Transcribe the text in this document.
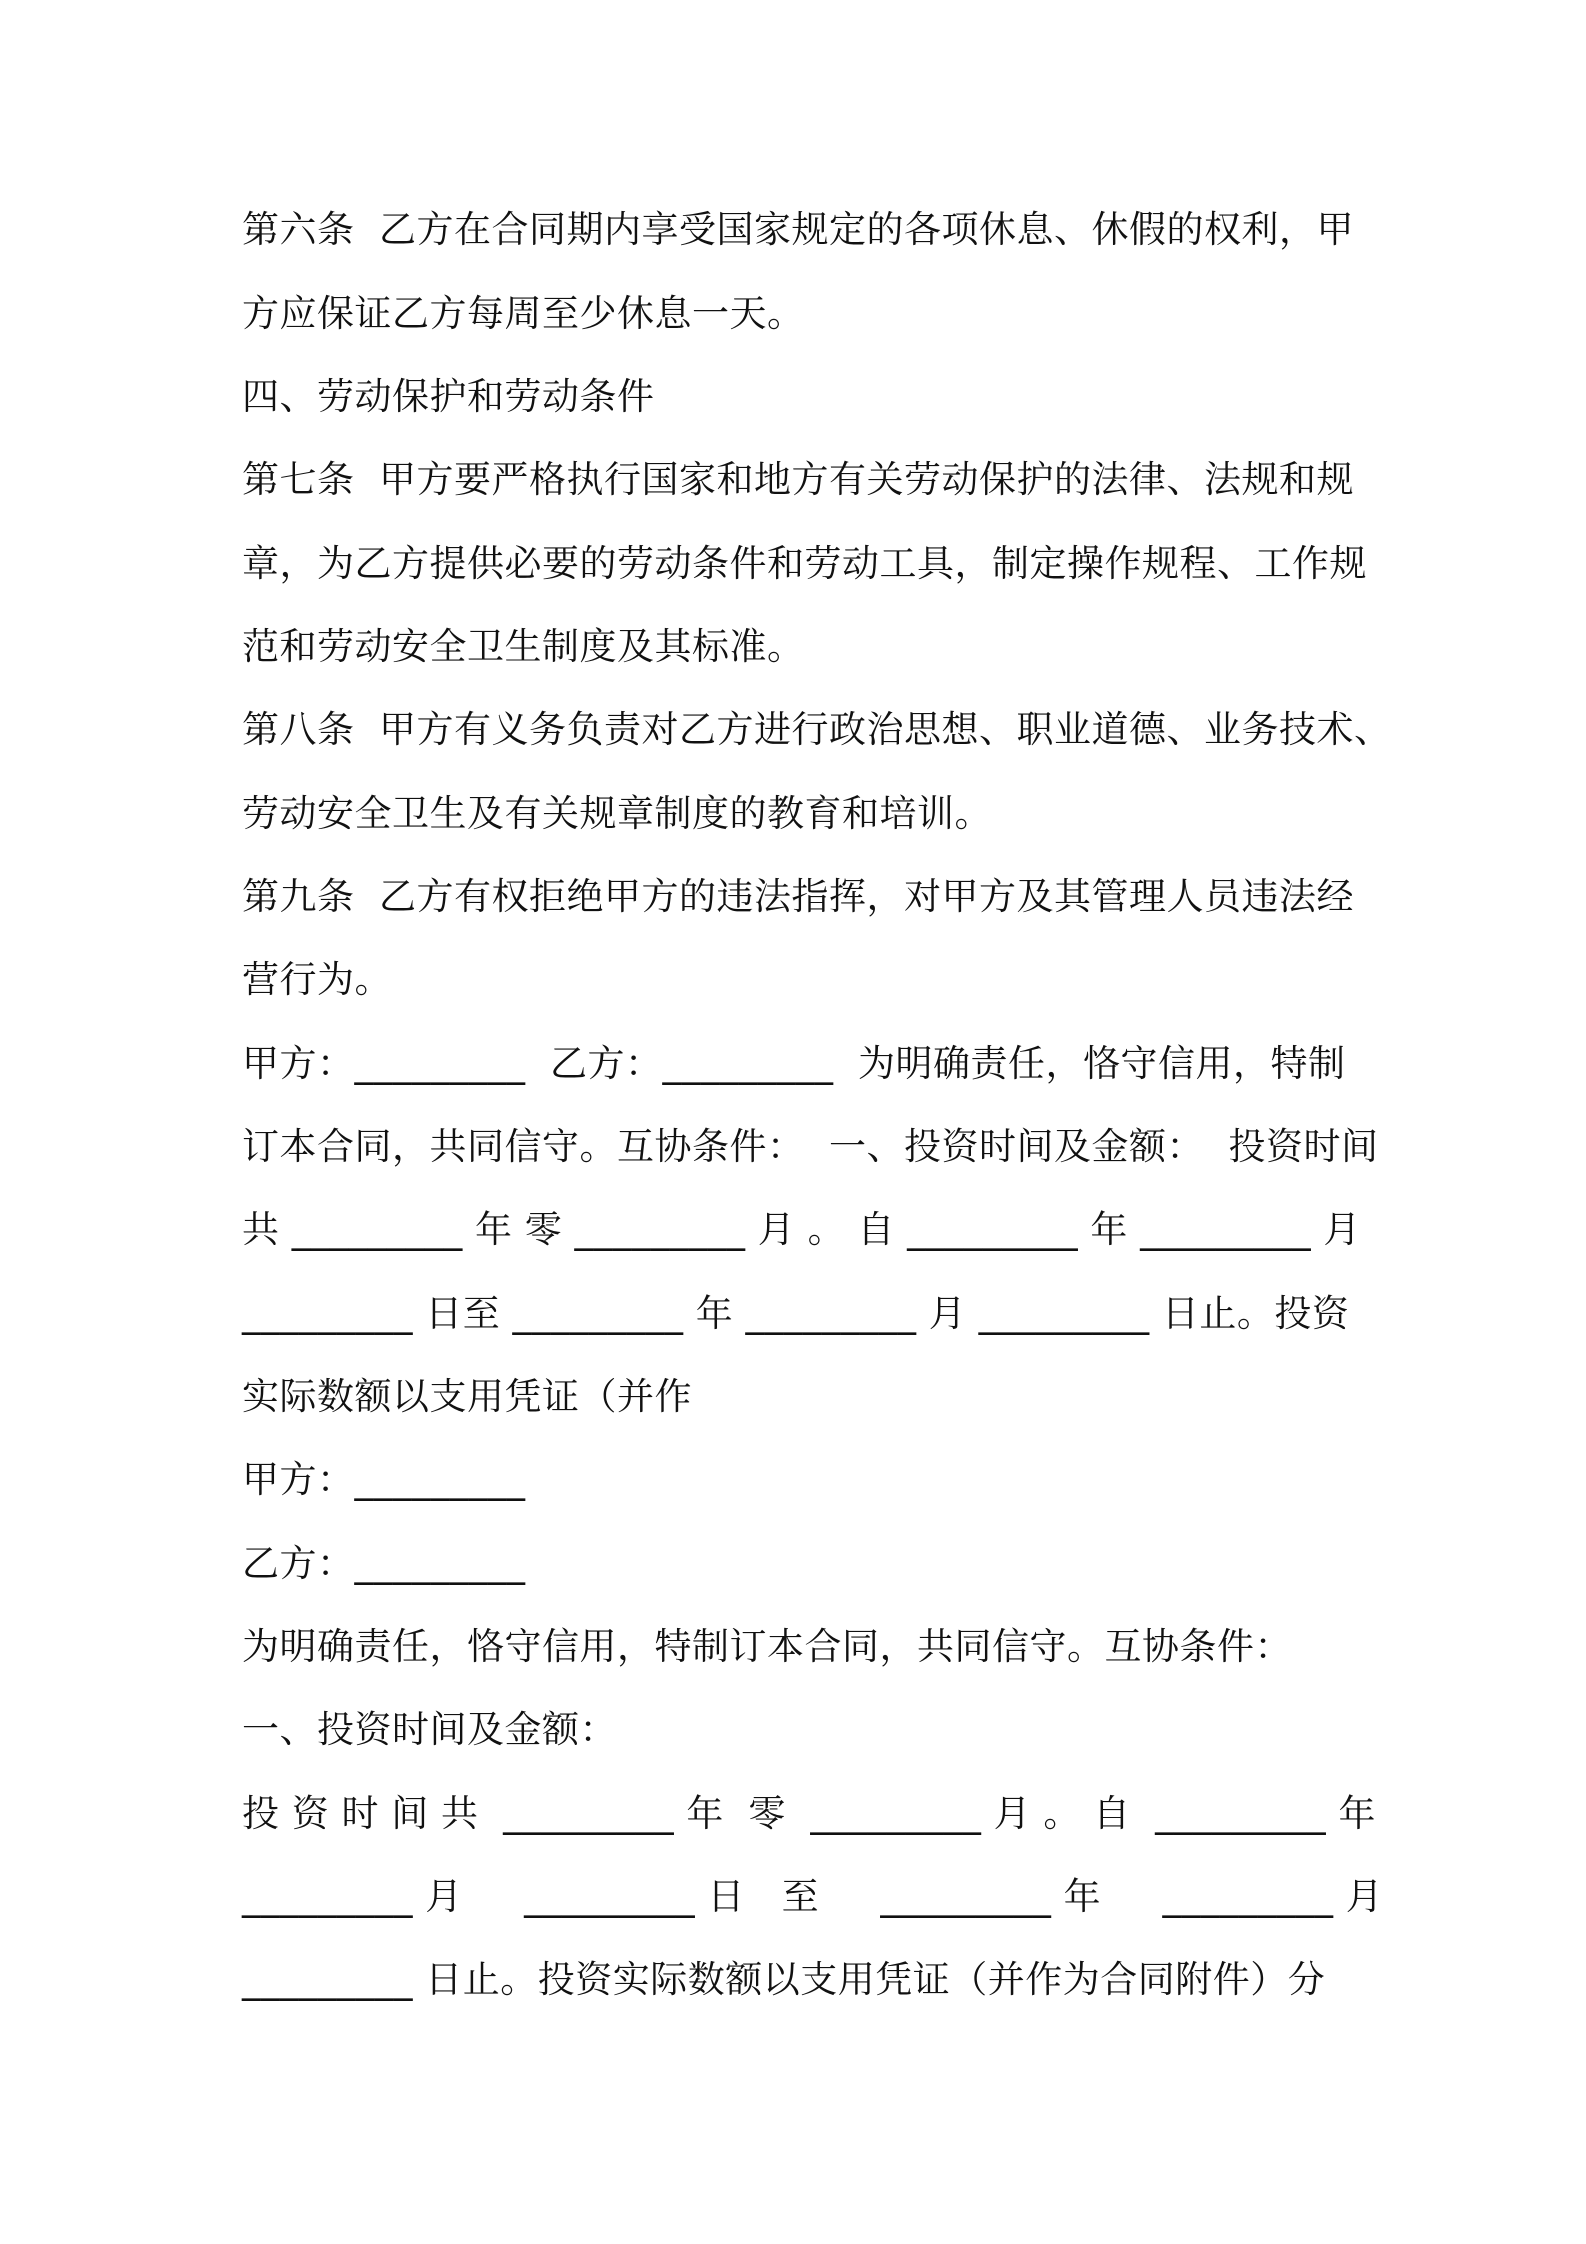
第六条  乙方在合同期内享受国家规定的各项休息、休假的权利，甲
方应保证乙方每周至少休息一天。
四、劳动保护和劳动条件
第七条  甲方要严格执行国家和地方有关劳动保护的法律、法规和规
章，为乙方提供必要的劳动条件和劳动工具，制定操作规程、工作规
范和劳动安全卫生制度及其标准。
第八条  甲方有义务负责对乙方进行政治思想、职业道德、业务技术、
劳动安全卫生及有关规章制度的教育和培训。
第九条  乙方有权拒绝甲方的违法指挥，对甲方及其管理人员违法经
营行为。
甲方：_________  乙方：_________  为明确责任，恪守信用，特制
订本合同，共同信守。互协条件：  一、投资时间及金额：  投资时间
共 _________ 年 零 _________ 月 。 自 _________ 年 _________ 月
_________ 日至 _________ 年 _________ 月 _________ 日止。投资
实际数额以支用凭证（并作
甲方：_________
乙方：_________
为明确责任，恪守信用，特制订本合同，共同信守。互协条件：
一、投资时间及金额：
投 资 时 间 共  _________ 年  零  _________ 月 。 自  _________ 年
_________ 月     _________ 日   至     _________ 年     _________ 月
_________ 日止。投资实际数额以支用凭证（并作为合同附件）分
